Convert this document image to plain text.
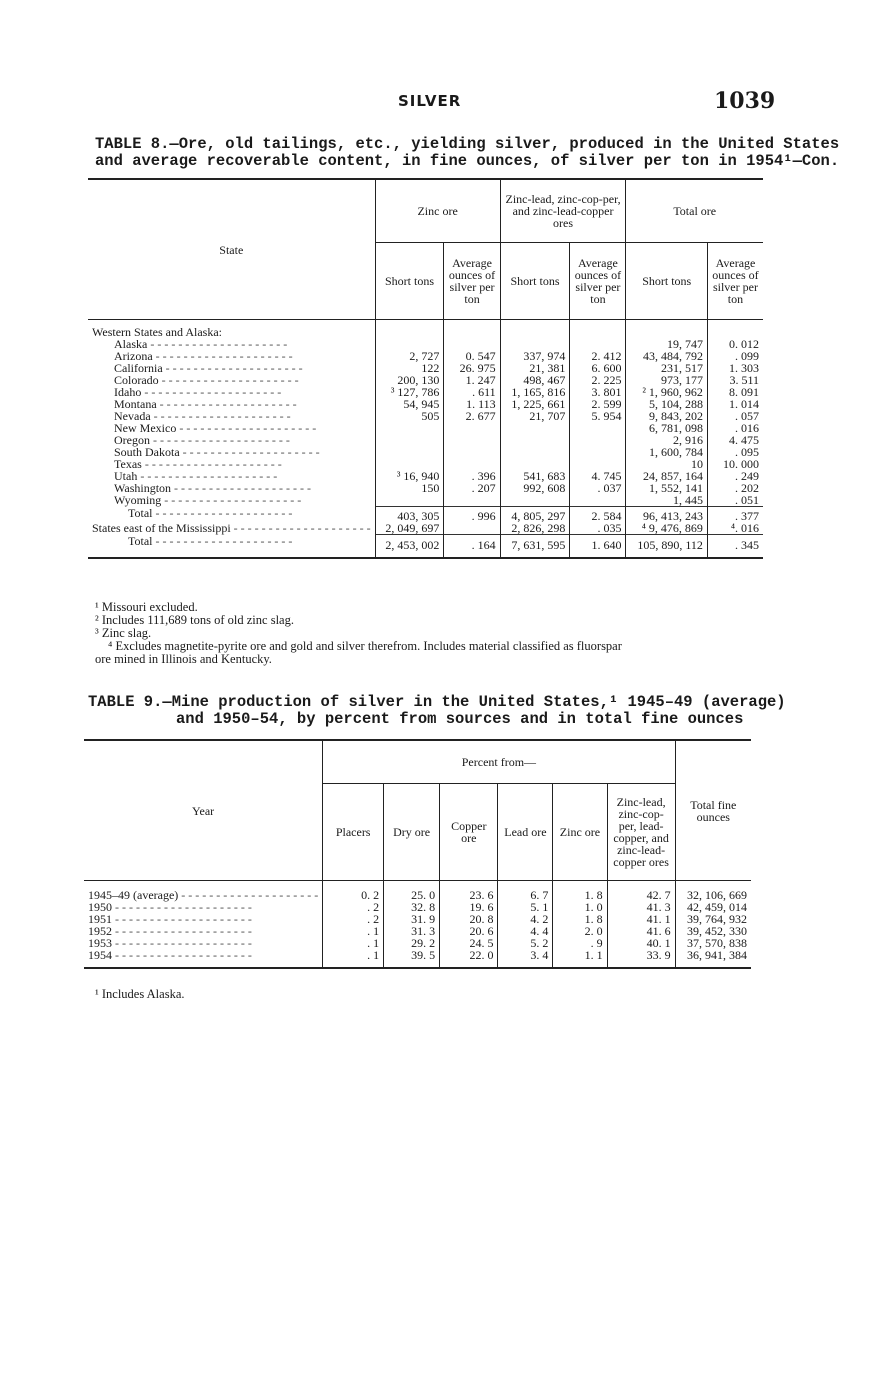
SILVER	1039
TABLE 8.—Ore, old tailings, etc., yielding silver, produced in the United States
and average recoverable content, in fine ounces, of silver per ton in 1954¹—Con.
State	Zinc ore		Zinc-lead, zinc-cop-per, and zinc-lead-copper ores		Total ore	
	Short tons	Average ounces of silver per ton	Short tons	Average ounces of silver per ton	Short tons	Average ounces of silver per ton
Western States and Alaska:						
Alaska - - -					19, 747	0. 012
Arizona - - -	2, 727	0. 547	337, 974	2. 412	43, 484, 792	. 099
California - - -	122	26. 975	21, 381	6. 600	231, 517	1. 303
Colorado - - -	200, 130	1. 247	498, 467	2. 225	973, 177	3. 511
Idaho - - -	³ 127, 786	. 611	1, 165, 816	3. 801	² 1, 960, 962	8. 091
Montana - - -	54, 945	1. 113	1, 225, 661	2. 599	5, 104, 288	1. 014
Nevada - - -	505	2. 677	21, 707	5. 954	9, 843, 202	. 057
New Mexico - - -					6, 781, 098	. 016
Oregon - - -					2, 916	4. 475
South Dakota - - -					1, 600, 784	. 095
Texas - - -					10	10. 000
Utah - - -	³ 16, 940	. 396	541, 683	4. 745	24, 857, 164	. 249
Washington - - -	150	. 207	992, 608	. 037	1, 552, 141	. 202
Wyoming - - -					1, 445	. 051
Total - - -	403, 305	. 996	4, 805, 297	2. 584	96, 413, 243	. 377
States east of the Mississippi - - -	2, 049, 697		2, 826, 298	. 035	⁴ 9, 476, 869	⁴. 016
Total - - -	2, 453, 002	. 164	7, 631, 595	1. 640	105, 890, 112	. 345

¹ Missouri excluded.

² Includes 111,689 tons of old zinc slag.

³ Zinc slag.

⁴ Excludes magnetite-pyrite ore and gold and silver therefrom. Includes material classified as fluorspar

ore mined in Illinois and Kentucky.

TABLE 9.—Mine production of silver in the United States,¹ 1945–49 (average)
and 1950–54, by percent from sources and in total fine ounces
Year	Percent from—						Total fine ounces
	Placers	Dry ore	Copper ore	Lead ore	Zinc ore	Zinc-lead, zinc-cop-per, lead-copper, and zinc-lead-copper ores	
1945–49 (average) - - -	0. 2	25. 0	23. 6	6. 7	1. 8	42. 7	32, 106, 669
1950 - - -	. 2	32. 8	19. 6	5. 1	1. 0	41. 3	42, 459, 014
1951 - - -	. 2	31. 9	20. 8	4. 2	1. 8	41. 1	39, 764, 932
1952 - - -	. 1	31. 3	20. 6	4. 4	2. 0	41. 6	39, 452, 330
1953 - - -	. 1	29. 2	24. 5	5. 2	. 9	40. 1	37, 570, 838
1954 - - -	. 1	39. 5	22. 0	3. 4	1. 1	33. 9	36, 941, 384
¹ Includes Alaska.
